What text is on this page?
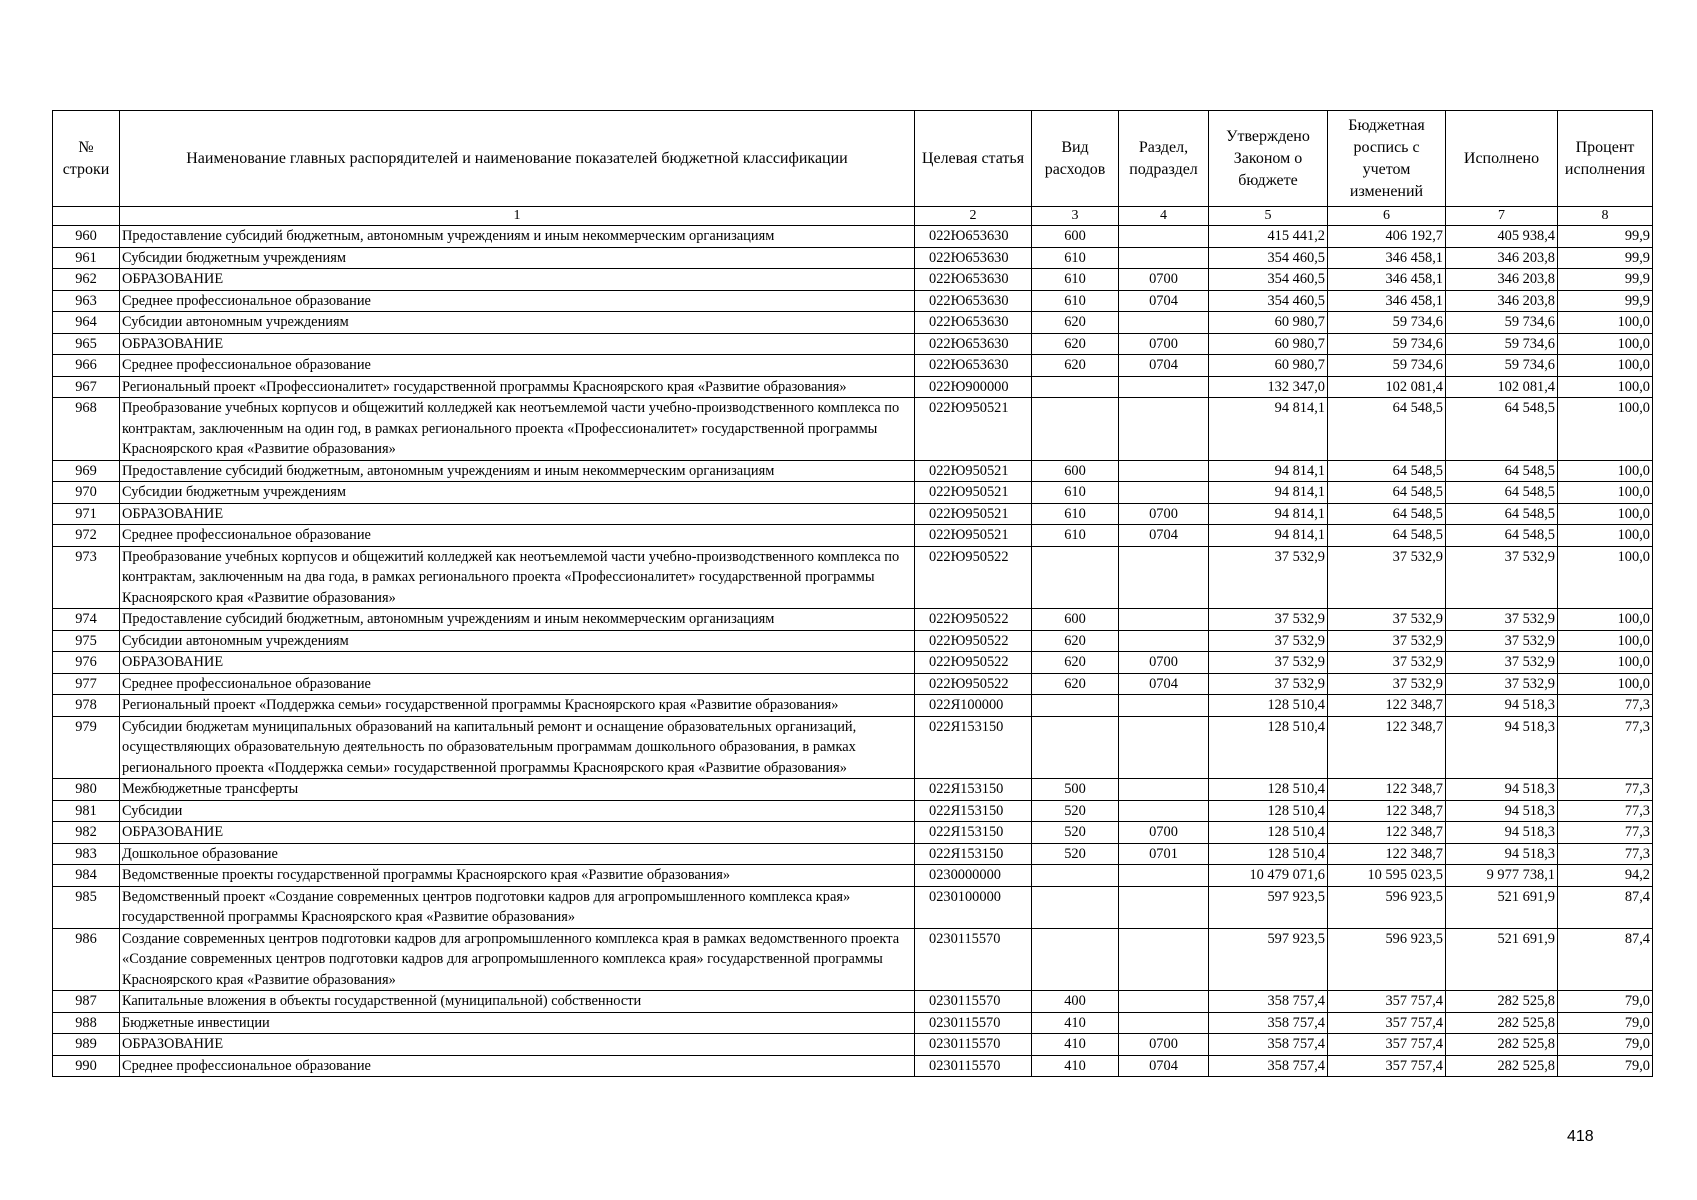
№ строки	Наименование главных распорядителей и наименование показателей бюджетной классификации	Целевая статья	Вид расходов	Раздел, подраздел	Утверждено Законом о бюджете	Бюджетная роспись с учетом изменений	Исполнено	Процент исполнения
	1	2	3	4	5	6	7	8
960	Предоставление субсидий бюджетным, автономным учреждениям и иным некоммерческим организациям	022Ю653630	600		415 441,2	406 192,7	405 938,4	99,9
961	Субсидии бюджетным учреждениям	022Ю653630	610		354 460,5	346 458,1	346 203,8	99,9
962	ОБРАЗОВАНИЕ	022Ю653630	610	0700	354 460,5	346 458,1	346 203,8	99,9
963	Среднее профессиональное образование	022Ю653630	610	0704	354 460,5	346 458,1	346 203,8	99,9
964	Субсидии автономным учреждениям	022Ю653630	620		60 980,7	59 734,6	59 734,6	100,0
965	ОБРАЗОВАНИЕ	022Ю653630	620	0700	60 980,7	59 734,6	59 734,6	100,0
966	Среднее профессиональное образование	022Ю653630	620	0704	60 980,7	59 734,6	59 734,6	100,0
967	Региональный проект «Профессионалитет» государственной программы Красноярского края «Развитие образования»	022Ю900000			132 347,0	102 081,4	102 081,4	100,0
968	Преобразование учебных корпусов и общежитий колледжей как неотъемлемой части учебно-производственного комплекса по контрактам, заключенным на один год, в рамках регионального проекта «Профессионалитет» государственной программы Красноярского края «Развитие образования»	022Ю950521			94 814,1	64 548,5	64 548,5	100,0
969	Предоставление субсидий бюджетным, автономным учреждениям и иным некоммерческим организациям	022Ю950521	600		94 814,1	64 548,5	64 548,5	100,0
970	Субсидии бюджетным учреждениям	022Ю950521	610		94 814,1	64 548,5	64 548,5	100,0
971	ОБРАЗОВАНИЕ	022Ю950521	610	0700	94 814,1	64 548,5	64 548,5	100,0
972	Среднее профессиональное образование	022Ю950521	610	0704	94 814,1	64 548,5	64 548,5	100,0
973	Преобразование учебных корпусов и общежитий колледжей как неотъемлемой части учебно-производственного комплекса по контрактам, заключенным на два года, в рамках регионального проекта «Профессионалитет» государственной программы Красноярского края «Развитие образования»	022Ю950522			37 532,9	37 532,9	37 532,9	100,0
974	Предоставление субсидий бюджетным, автономным учреждениям и иным некоммерческим организациям	022Ю950522	600		37 532,9	37 532,9	37 532,9	100,0
975	Субсидии автономным учреждениям	022Ю950522	620		37 532,9	37 532,9	37 532,9	100,0
976	ОБРАЗОВАНИЕ	022Ю950522	620	0700	37 532,9	37 532,9	37 532,9	100,0
977	Среднее профессиональное образование	022Ю950522	620	0704	37 532,9	37 532,9	37 532,9	100,0
978	Региональный проект «Поддержка семьи» государственной программы Красноярского края «Развитие образования»	022Я100000			128 510,4	122 348,7	94 518,3	77,3
979	Субсидии бюджетам муниципальных образований на капитальный ремонт и оснащение образовательных организаций, осуществляющих образовательную деятельность по образовательным программам дошкольного образования, в рамках регионального проекта «Поддержка семьи» государственной программы Красноярского края «Развитие образования»	022Я153150			128 510,4	122 348,7	94 518,3	77,3
980	Межбюджетные трансферты	022Я153150	500		128 510,4	122 348,7	94 518,3	77,3
981	Субсидии	022Я153150	520		128 510,4	122 348,7	94 518,3	77,3
982	ОБРАЗОВАНИЕ	022Я153150	520	0700	128 510,4	122 348,7	94 518,3	77,3
983	Дошкольное образование	022Я153150	520	0701	128 510,4	122 348,7	94 518,3	77,3
984	Ведомственные проекты государственной программы Красноярского края «Развитие образования»	0230000000			10 479 071,6	10 595 023,5	9 977 738,1	94,2
985	Ведомственный проект «Создание современных центров подготовки кадров для агропромышленного комплекса края» государственной программы Красноярского края «Развитие образования»	0230100000			597 923,5	596 923,5	521 691,9	87,4
986	Создание современных центров подготовки кадров для агропромышленного комплекса края в рамках ведомственного проекта «Создание современных центров подготовки кадров для агропромышленного комплекса края» государственной программы Красноярского края «Развитие образования»	0230115570			597 923,5	596 923,5	521 691,9	87,4
987	Капитальные вложения в объекты государственной (муниципальной) собственности	0230115570	400		358 757,4	357 757,4	282 525,8	79,0
988	Бюджетные инвестиции	0230115570	410		358 757,4	357 757,4	282 525,8	79,0
989	ОБРАЗОВАНИЕ	0230115570	410	0700	358 757,4	357 757,4	282 525,8	79,0
990	Среднее профессиональное образование	0230115570	410	0704	358 757,4	357 757,4	282 525,8	79,0
418
